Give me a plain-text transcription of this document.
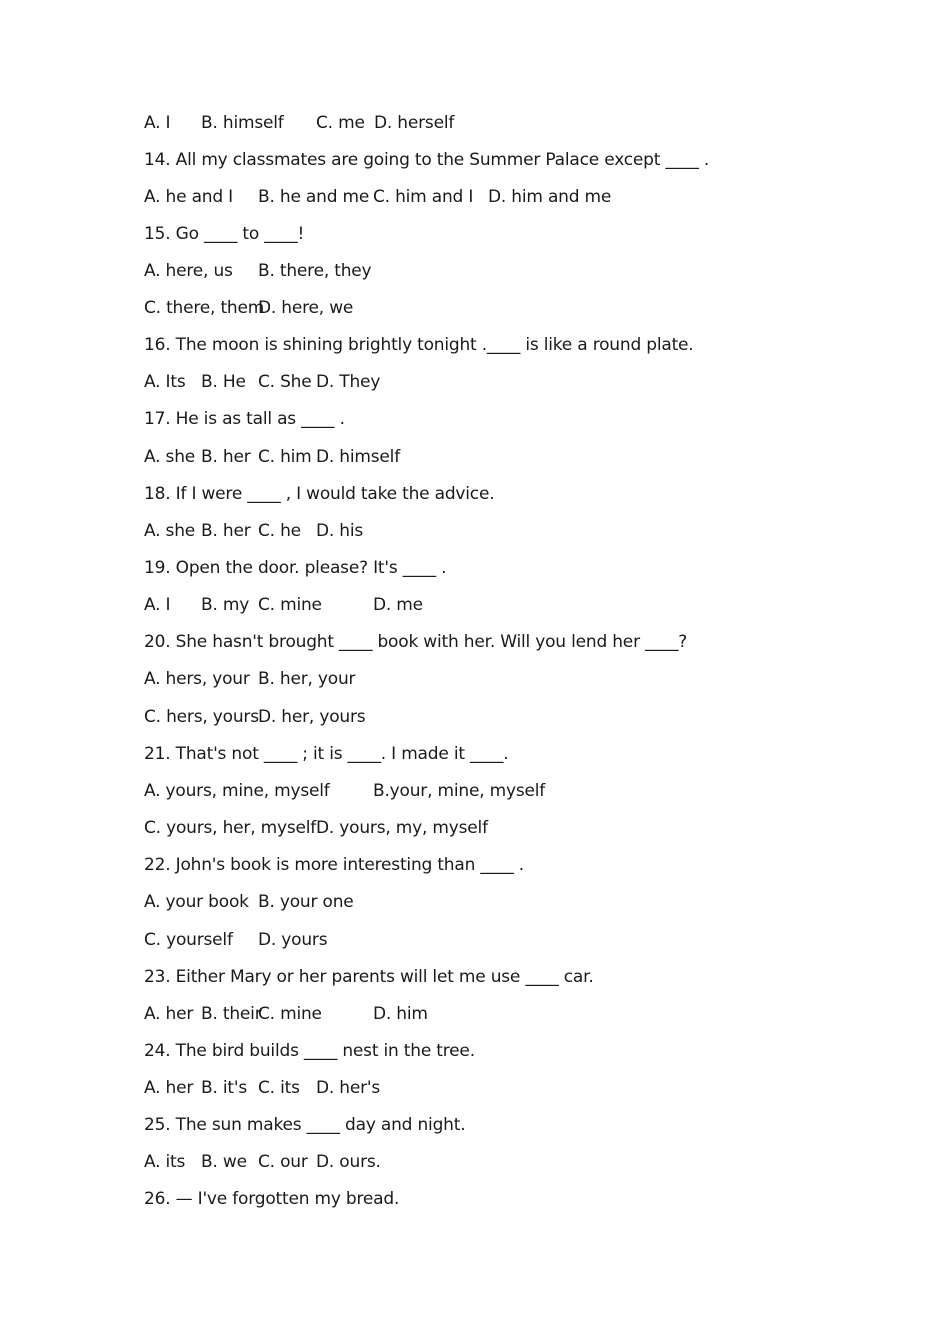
A. I B. himself C. me D. herself
14. All my classmates are going to the Summer Palace except ____ .
A. he and I B. he and me C. him and I D. him and me
15. Go ____ to ____!
A. here, us B. there, they
C. there, them
D. here, we
16. The moon is shining brightly tonight .____ is like a round plate.
A. Its B. He C. She D. They
17. He is as tall as ____ .
A. she B. her C. him D. himself
18. If I were ____ , I would take the advice.
A. she B. her C. he D. his
19. Open the door. please? It's ____ .
A. I B. my C. mine	D. me
20. She hasn't brought ____ book with her. Will you lend her ____?
A. hers, your B. her, your
C. hers, yours D. her, yours
21. That's not ____ ; it is ____. I made it ____.
A. yours, mine, myself	B.your, mine, myself
C. yours, her, myself D. yours, my, myself
22. John's book is more interesting than ____ .
A. your book B. your one
C. yourself D. yours
23. Either Mary or her parents will let me use ____ car.
A. her B. their
C. mine	D. him
24. The bird builds ____ nest in the tree.
A. her B. it's C. its D. her's
25. The sun makes ____ day and night.
A. its B. we C. our D. ours.
26. — I've forgotten my bread.
